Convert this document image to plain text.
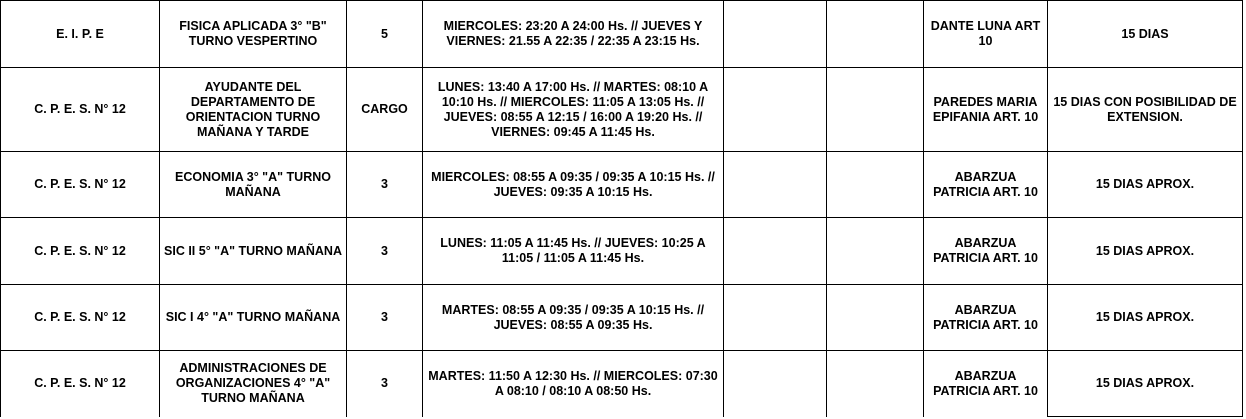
E. I. P. E	FISICA APLICADA 3° "B" TURNO VESPERTINO	5	MIERCOLES: 23:20 A 24:00 Hs. // JUEVES Y VIERNES: 21.55 A 22:35 / 22:35 A 23:15 Hs.			DANTE LUNA ART 10	15 DIAS
C. P. E. S. N° 12	AYUDANTE DEL DEPARTAMENTO DE ORIENTACION TURNO MAÑANA Y TARDE	CARGO	LUNES: 13:40 A 17:00 Hs. // MARTES: 08:10 A 10:10 Hs. // MIERCOLES: 11:05 A 13:05 Hs. // JUEVES: 08:55 A 12:15 / 16:00 A 19:20 Hs. // VIERNES: 09:45 A 11:45 Hs.			PAREDES MARIA EPIFANIA ART. 10	15 DIAS CON POSIBILIDAD DE EXTENSION.
C. P. E. S. N° 12	ECONOMIA 3° "A" TURNO MAÑANA	3	MIERCOLES: 08:55 A 09:35 / 09:35 A 10:15 Hs. // JUEVES: 09:35 A 10:15 Hs.			ABARZUA PATRICIA ART. 10	15 DIAS APROX.
C. P. E. S. N° 12	SIC II 5° "A" TURNO MAÑANA	3	LUNES: 11:05 A 11:45 Hs. // JUEVES: 10:25 A 11:05 / 11:05 A 11:45 Hs.			ABARZUA PATRICIA ART. 10	15 DIAS APROX.
C. P. E. S. N° 12	SIC I 4° "A" TURNO MAÑANA	3	MARTES: 08:55 A 09:35 / 09:35 A 10:15 Hs. // JUEVES: 08:55 A 09:35 Hs.			ABARZUA PATRICIA ART. 10	15 DIAS APROX.
C. P. E. S. N° 12	ADMINISTRACIONES DE ORGANIZACIONES 4° "A" TURNO MAÑANA	3	MARTES: 11:50 A 12:30 Hs. // MIERCOLES: 07:30 A 08:10 / 08:10 A 08:50 Hs.			ABARZUA PATRICIA ART. 10	15 DIAS APROX.
